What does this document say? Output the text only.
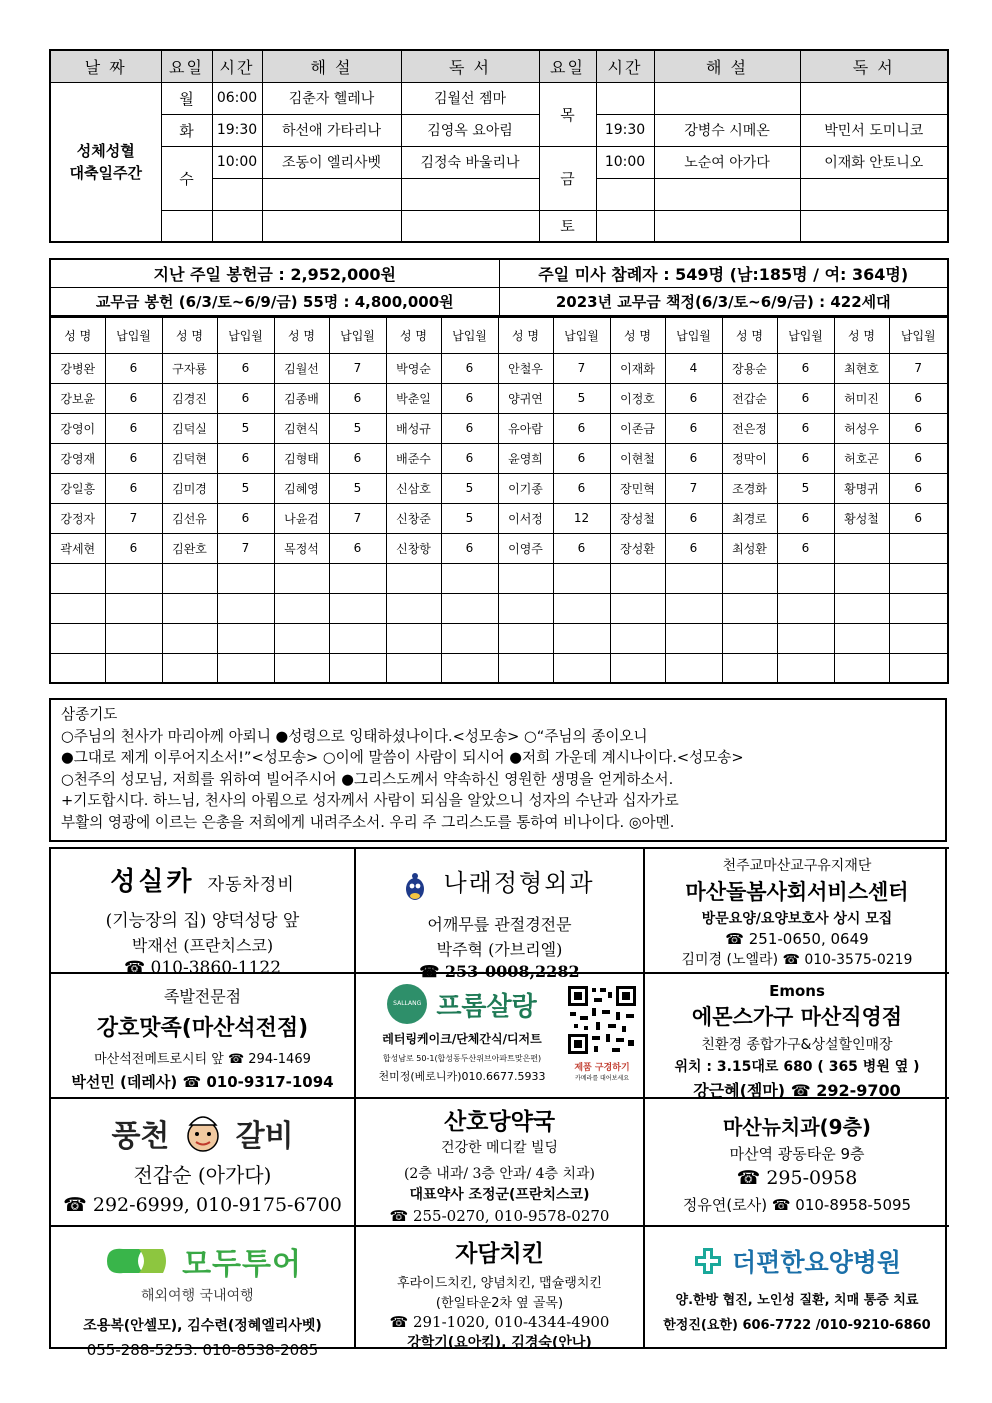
날 짜	요일	시간	해 설	독 서	요일	시간	해 설	독 서
성체성혈
대축일주간	월	06:00	김춘자 헬레나	김월선 젬마	목			
	화	19:30	하선애 가타리나	김영옥 요아림		19:30	강병수 시메온	박민서 도미니코
	수	10:00	조동이 엘리사벳	김정숙 바울리나	금	10:00	노순여 아가다	이재화 안토니오

					토			
지난 주일 봉헌금 : 2,952,000원	주일 미사 참례자 : 549명 (남:185명 / 여: 364명)
교무금 봉헌 (6/3/토~6/9/금) 55명 : 4,800,000원	2023년 교무금 책정(6/3/토~6/9/금) : 422세대
성 명	납입월	성 명	납입월	성 명	납입월	성 명	납입월	성 명	납입월	성 명	납입월	성 명	납입월	성 명	납입월
강병완	6	구자룡	6	김월선	7	박영순	6	안철우	7	이재화	4	장용순	6	최현호	7
강보윤	6	김경진	6	김종배	6	박춘일	6	양귀연	5	이정호	6	전갑순	6	허미진	6
강영이	6	김덕실	5	김현식	5	배성규	6	유아람	6	이존금	6	전은정	6	허성우	6
강영재	6	김덕현	6	김형태	6	배준수	6	윤영희	6	이현철	6	정막이	6	허호곤	6
강일흥	6	김미경	5	김혜영	5	신삼호	5	이기종	6	장민혁	7	조경화	5	황명귀	6
강정자	7	김선유	6	나윤검	7	신창준	5	이서정	12	장성철	6	최경로	6	황성철	6
곽세현	6	김완호	7	목정석	6	신창항	6	이영주	6	장성환	6	최성환	6		

삼종기도
○주님의 천사가 마리아께 아뢰니 ●성령으로 잉태하셨나이다.<성모송> ○“주님의 종이오니
●그대로 제게 이루어지소서!”<성모송> ○이에 말씀이 사람이 되시어 ●저희 가운데 계시나이다.<성모송>
○천주의 성모님, 저희를 위하여 빌어주시어 ●그리스도께서 약속하신 영원한 생명을 얻게하소서.
+기도합시다. 하느님, 천사의 아룀으로 성자께서 사람이 되심을 알았으니 성자의 수난과 십자가로
부활의 영광에 이르는 은총을 저희에게 내려주소서. 우리 주 그리스도를 통하여 비나이다. ◎아멘.
성실카 자동차정비
(기능장의 집) 양덕성당 앞
박재선 (프란치스코)
☎ 010-3860-1122
나래정형외과
어깨무릎 관절경전문
박주혁 (가브리엘)
☎ 253-0008,2282
천주교마산교구유지재단
마산돌봄사회서비스센터
방문요양/요양보호사 상시 모집
☎ 251-0650, 0649
김미경 (노엘라) ☎ 010-3575-0219
족발전문점
강호맛족(마산석전점)
마산석전메트로시티 앞 ☎ 294-1469
박선민 (데레사) ☎ 010-9317-1094
SALLANG 프롬살랑
레터링케이크/단체간식/디저트
합성남로 50-1(합성동두산위브아파트맞은편)
천미정(베로니카)010.6677.5933
제품 구경하기
카메라를 대어보세요
Emons
에몬스가구 마산직영점
친환경 종합가구&상설할인매장
위치 : 3.15대로 680 ( 365 병원 옆 )
강근혜(젬마) ☎ 292-9700
풍천 갈비
전갑순 (아가다)
☎ 292-6999, 010-9175-6700
산호당약국
건강한 메디칼 빌딩
(2층 내과/ 3층 안과/ 4층 치과)
대표약사 조정군(프란치스코)
☎ 255-0270, 010-9578-0270
마산뉴치과(9층)
마산역 광동타운 9층
☎ 295-0958
정유연(로사) ☎ 010-8958-5095
모두투어
해외여행 국내여행
조용복(안셀모), 김수련(정혜엘리사벳)
055-288-5253. 010-8538-2085
자담치킨
후라이드치킨, 양념치킨, 맵슐랭치킨
(한일타운2차 옆 골목)
☎ 291-1020, 010-4344-4900
강학기(요아킴), 김경숙(안나)
더편한요양병원
양.한방 협진, 노인성 질환, 치매 통증 치료
한정진(요한) 606-7722 /010-9210-6860
